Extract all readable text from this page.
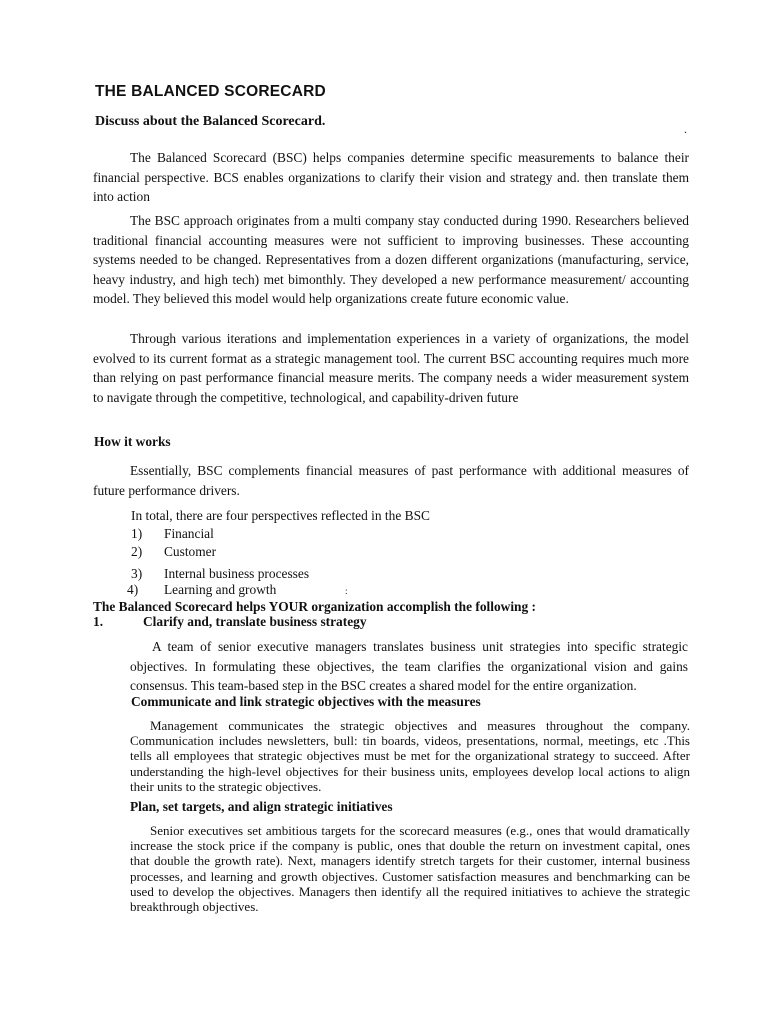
THE BALANCED SCORECARD
Discuss about the Balanced Scorecard.	.
The Balanced Scorecard (BSC) helps companies determine specific measurements to balance their financial perspective. BCS enables organizations to clarify their vision and strategy and. then translate them into action
The BSC approach originates from a multi company stay conducted during 1990. Researchers believed traditional financial accounting measures were not sufficient to improving businesses. These accounting systems needed to be changed. Representatives from a dozen different organizations (manufacturing, service, heavy industry, and high tech) met bimonthly. They developed a new performance measurement/ accounting model. They believed this model would help organizations create future economic value.
Through various iterations and implementation experiences in a variety of organizations, the model evolved to its current format as a strategic management tool. The current BSC accounting requires much more than relying on past performance financial measure merits. The company needs a wider measurement system to navigate through the competitive, technological, and capability-driven future
How it works
Essentially, BSC complements financial measures of past performance with additional measures of future performance drivers.
In total, there are four perspectives reflected in the BSC
1) Financial
2) Customer
3) Internal business processes
4) Learning and growth	:
The Balanced Scorecard helps YOUR organization accomplish the following :
1.	Clarify and, translate business strategy
A team of senior executive managers translates business unit strategies into specific strategic objectives. In formulating these objectives, the team clarifies the organizational vision and gains consensus. This team-based step in the BSC creates a shared model for the entire organization.
Communicate and link strategic objectives with the measures
Management communicates the strategic objectives and measures throughout the company. Communication includes newsletters, bull: tin boards, videos, presentations, normal, meetings, etc .This tells all employees that strategic objectives must be met for the organizational strategy to succeed. After understanding the high-level objectives for their business units, employees develop local actions to align their units to the strategic objectives.
Plan, set targets, and align strategic initiatives
Senior executives set ambitious targets for the scorecard measures (e.g., ones that would dramatically increase the stock price if the company is public, ones that double the return on investment capital, ones that double the growth rate). Next, managers identify stretch targets for their customer, internal business processes, and learning and growth objectives. Customer satisfaction measures and benchmarking can be used to develop the objectives. Managers then identify all the required initiatives to achieve the strategic breakthrough objectives.
